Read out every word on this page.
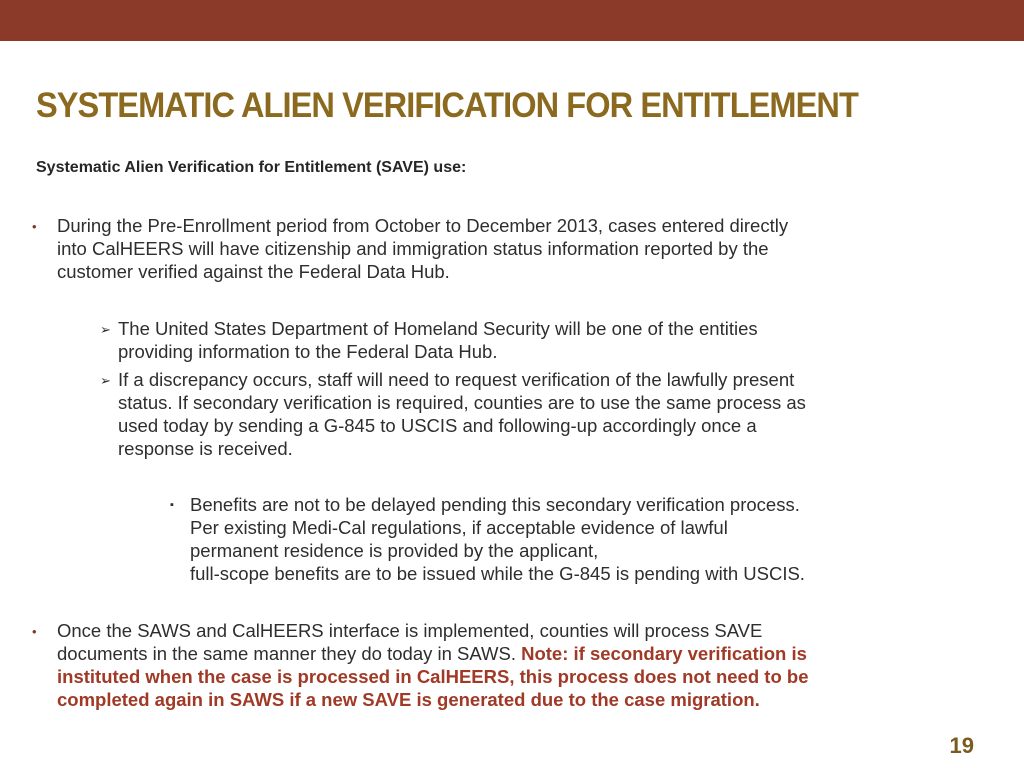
SYSTEMATIC ALIEN VERIFICATION FOR ENTITLEMENT

Systematic Alien Verification for Entitlement (SAVE) use:

• During the Pre-Enrollment period from October to December 2013, cases entered directly
into CalHEERS will have citizenship and immigration status information reported by the
customer verified against the Federal Data Hub.

➢ The United States Department of Homeland Security will be one of the entities
providing information to the Federal Data Hub.

➢ If a discrepancy occurs, staff will need to request verification of the lawfully present
status. If secondary verification is required, counties are to use the same process as
used today by sending a G-845 to USCIS and following-up accordingly once a
response is received.

▪ Benefits are not to be delayed pending this secondary verification process.
Per existing Medi-Cal regulations, if acceptable evidence of lawful
permanent residence is provided by the applicant,
full-scope benefits are to be issued while the G-845 is pending with USCIS.

• Once the SAWS and CalHEERS interface is implemented, counties will process SAVE
documents in the same manner they do today in SAWS. Note: if secondary verification is
instituted when the case is processed in CalHEERS, this process does not need to be
completed again in SAWS if a new SAVE is generated due to the case migration.

19
